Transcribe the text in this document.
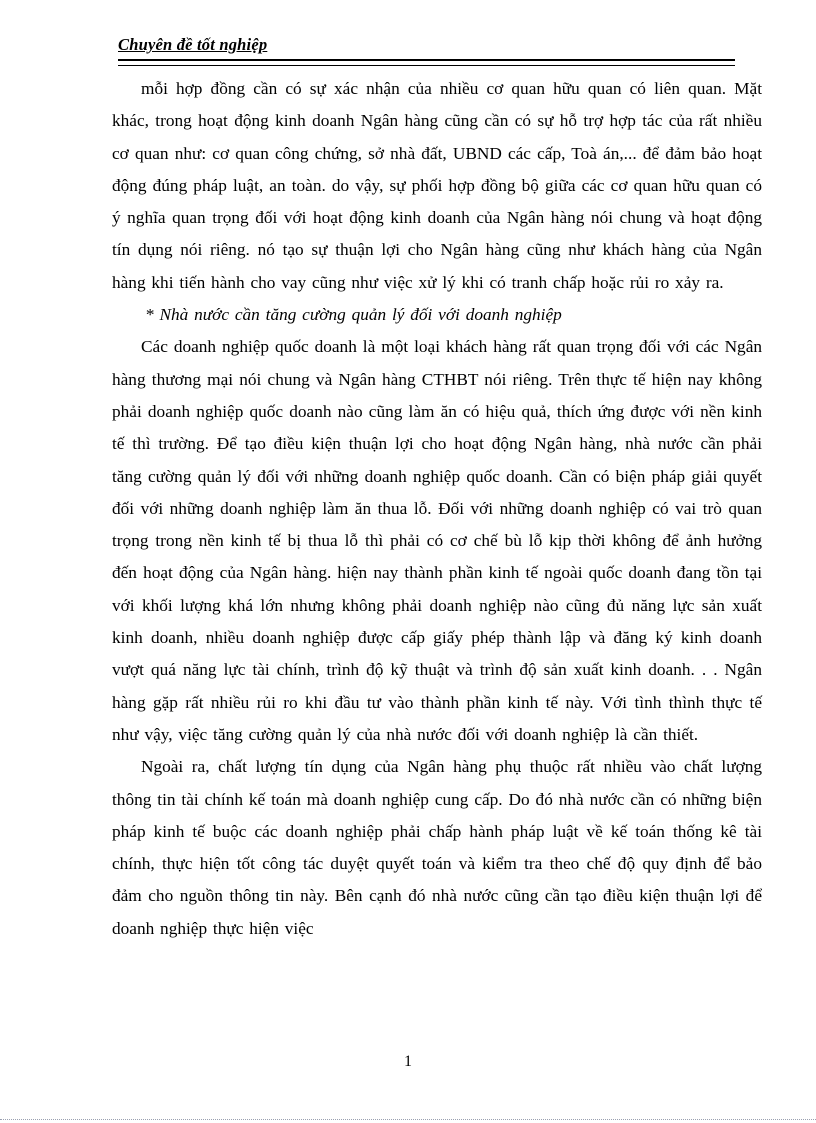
Chuyên đề tốt nghiệp

mỗi hợp đồng cần có sự xác nhận của nhiều cơ quan hữu quan có liên quan. Mặt khác, trong hoạt động kinh doanh Ngân hàng cũng cần có sự hỗ trợ hợp tác của rất nhiều cơ quan như: cơ quan công chứng, sở nhà đất, UBND các cấp, Toà án,... để đảm bảo hoạt động đúng pháp luật, an toàn. do vậy, sự phối hợp đồng bộ giữa các cơ quan hữu quan có ý nghĩa quan trọng đối với hoạt động kinh doanh của Ngân hàng nói chung và hoạt động tín dụng nói riêng. nó tạo sự thuận lợi cho Ngân hàng cũng như khách hàng của Ngân hàng khi tiến hành cho vay cũng như việc xử lý khi có tranh chấp hoặc rủi ro xảy ra.

* Nhà nước cần tăng cường quản lý đối với doanh nghiệp

Các doanh nghiệp quốc doanh là một loại khách hàng rất quan trọng đối với các Ngân hàng thương mại nói chung và Ngân hàng CTHBT nói riêng. Trên thực tế hiện nay không phải doanh nghiệp quốc doanh nào cũng làm ăn có hiệu quả, thích ứng được với nền kinh tế thì trường. Để tạo điều kiện thuận lợi cho hoạt động Ngân hàng, nhà nước cần phải tăng cường quản lý đối với những doanh nghiệp quốc doanh. Cần có biện pháp giải quyết đối với những doanh nghiệp làm ăn thua lỗ. Đối với những doanh nghiệp có vai trò quan trọng trong nền kinh tế bị thua lỗ thì phải có cơ chế bù lỗ kịp thời không để ảnh hưởng đến hoạt động của Ngân hàng. hiện nay thành phần kinh tế ngoài quốc doanh đang tồn tại với khối lượng khá lớn nhưng không phải doanh nghiệp nào cũng đủ năng lực sản xuất kinh doanh, nhiều doanh nghiệp được cấp giấy phép thành lập và đăng ký kinh doanh vượt quá năng lực tài chính, trình độ kỹ thuật và trình độ sản xuất kinh doanh. . . Ngân hàng gặp rất nhiều rủi ro khi đầu tư vào thành phần kinh tế này. Với tình thình thực tế như vậy, việc tăng cường quản lý của nhà nước đối với doanh nghiệp là cần thiết.

Ngoài ra, chất lượng tín dụng của Ngân hàng phụ thuộc rất nhiều vào chất lượng thông tin tài chính kế toán mà doanh nghiệp cung cấp. Do đó nhà nước cần có những biện pháp kinh tế buộc các doanh nghiệp phải chấp hành pháp luật về kế toán thống kê tài chính, thực hiện tốt công tác duyệt quyết toán và kiểm tra theo chế độ quy định để bảo đảm cho nguồn thông tin này. Bên cạnh đó nhà nước cũng cần tạo điều kiện thuận lợi để doanh nghiệp thực hiện việc

1
